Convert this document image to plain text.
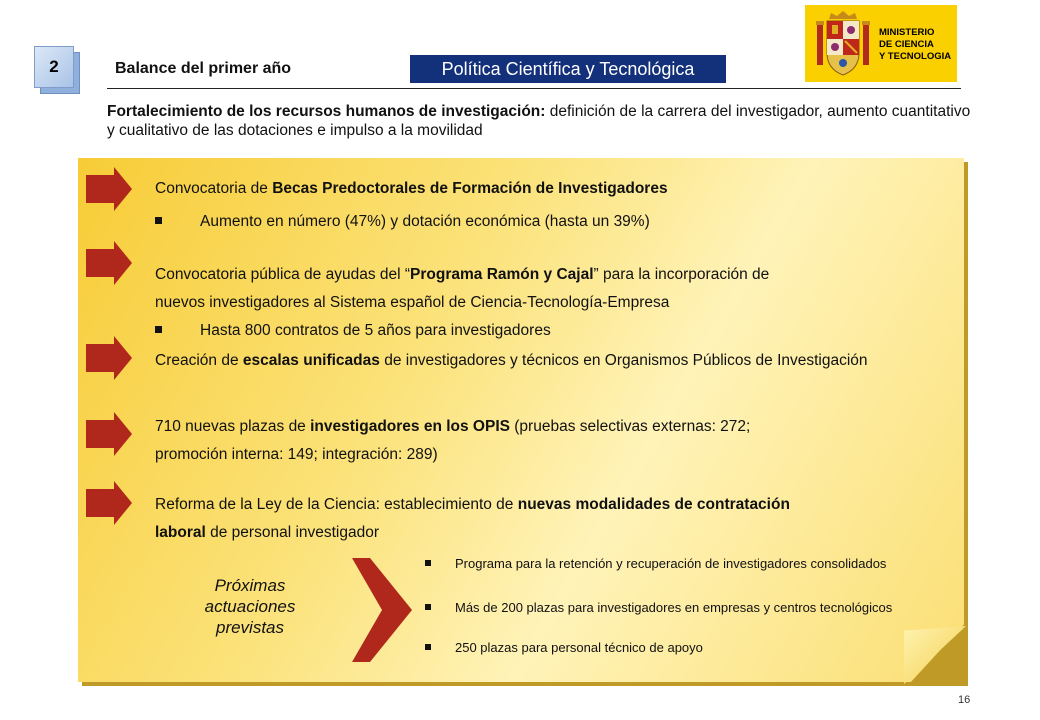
2	Balance del primer año	Política Científica y Tecnológica
MINISTERIO
DE CIENCIA
Y TECNOLOGIA
Fortalecimiento de los recursos humanos de investigación: definición de la carrera del investigador, aumento cuantitativo y cualitativo de las dotaciones e impulso a la movilidad
Convocatoria de Becas Predoctorales de Formación de Investigadores
Aumento en número (47%) y dotación económica (hasta un 39%)
Convocatoria pública de ayudas del “Programa Ramón y Cajal” para la incorporación de
nuevos investigadores al Sistema español de Ciencia-Tecnología-Empresa
Hasta 800 contratos de 5 años para investigadores
Creación de escalas unificadas de investigadores y técnicos en Organismos Públicos de Investigación
710 nuevas plazas de investigadores en los OPIS (pruebas selectivas externas: 272;
promoción interna: 149; integración: 289)
Reforma de la Ley de la Ciencia: establecimiento de nuevas modalidades de contratación
laboral de personal investigador
Próximas
actuaciones
previstas
Programa para la retención y recuperación de investigadores consolidados
Más de 200 plazas para investigadores en empresas y centros tecnológicos
250 plazas para personal técnico de apoyo
16
